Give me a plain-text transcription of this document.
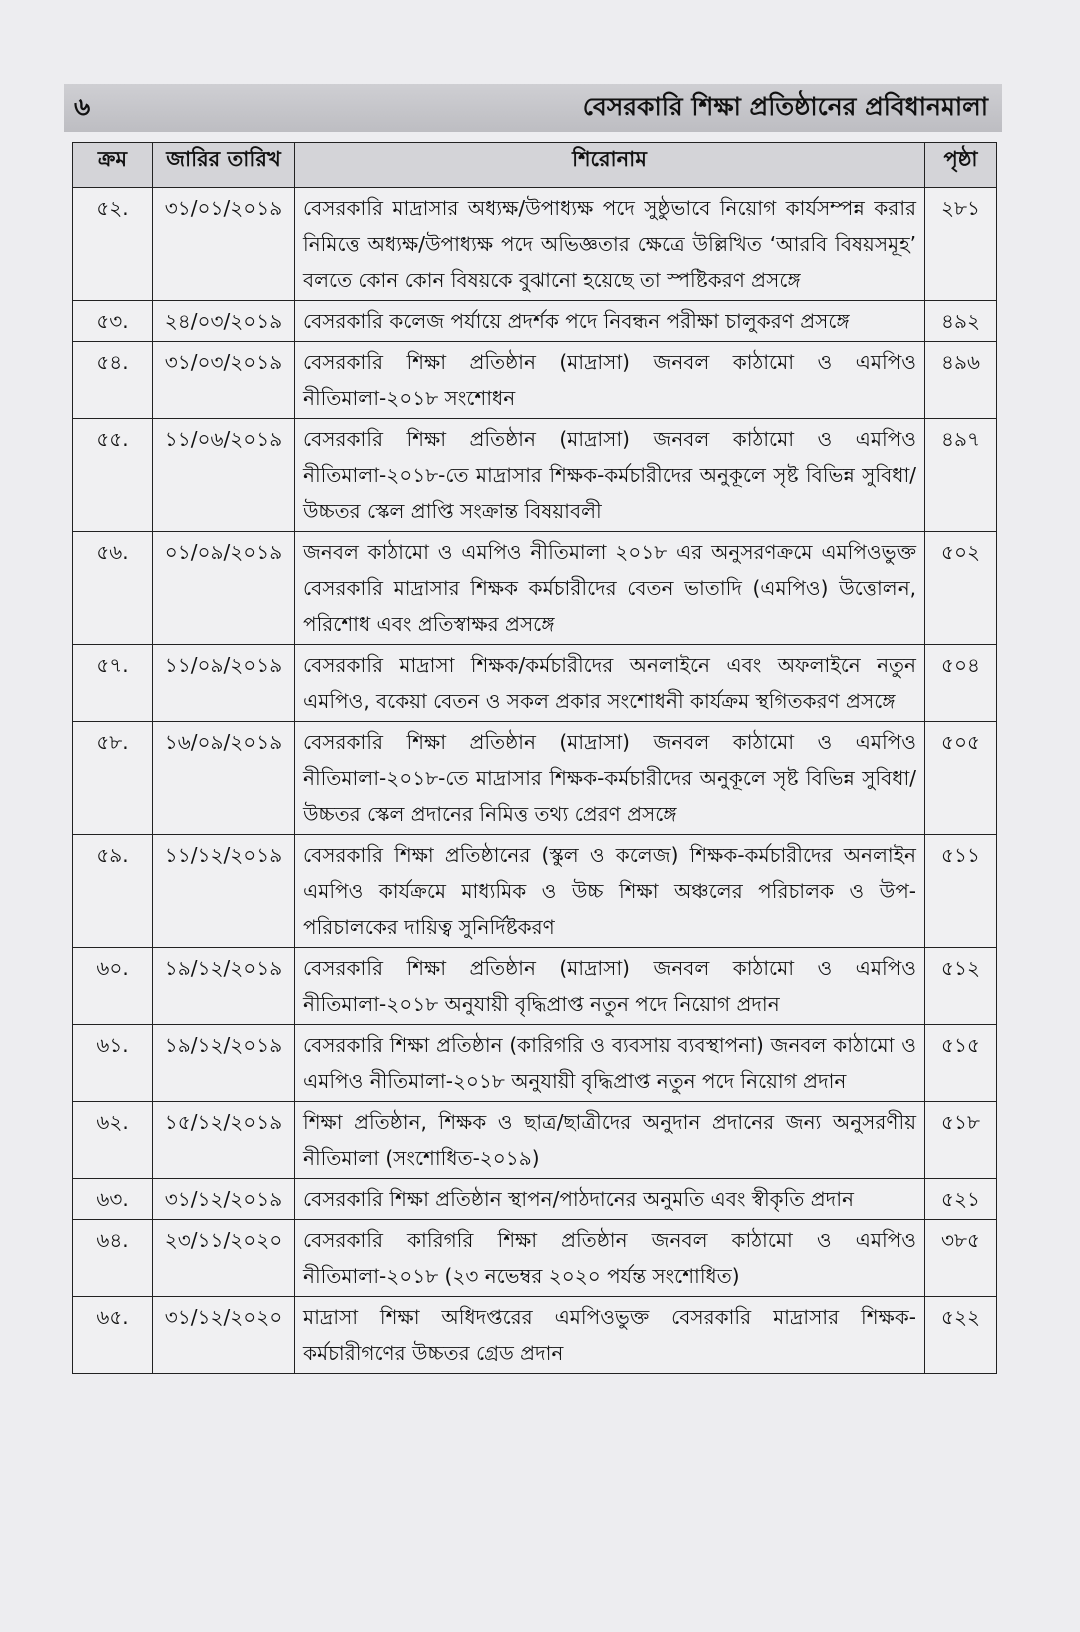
৬	বেসরকারি শিক্ষা প্রতিষ্ঠানের প্রবিধানমালা
ক্রম	জারির তারিখ	শিরোনাম	পৃষ্ঠা
৫২.	৩১/০১/২০১৯	বেসরকারি মাদ্রাসার অধ্যক্ষ/উপাধ্যক্ষ পদে সুষ্ঠুভাবে নিয়োগ কার্যসম্পন্ন করার নিমিত্তে অধ্যক্ষ/উপাধ্যক্ষ পদে অভিজ্ঞতার ক্ষেত্রে উল্লিখিত ‘আরবি বিষয়সমূহ’ বলতে কোন কোন বিষয়কে বুঝানো হয়েছে তা স্পষ্টিকরণ প্রসঙ্গে	২৮১
৫৩.	২৪/০৩/২০১৯	বেসরকারি কলেজ পর্যায়ে প্রদর্শক পদে নিবন্ধন পরীক্ষা চালুকরণ প্রসঙ্গে	৪৯২
৫৪.	৩১/০৩/২০১৯	বেসরকারি শিক্ষা প্রতিষ্ঠান (মাদ্রাসা) জনবল কাঠামো ও এমপিও নীতিমালা-২০১৮ সংশোধন	৪৯৬
৫৫.	১১/০৬/২০১৯	বেসরকারি শিক্ষা প্রতিষ্ঠান (মাদ্রাসা) জনবল কাঠামো ও এমপিও নীতিমালা-২০১৮-তে মাদ্রাসার শিক্ষক-কর্মচারীদের অনুকূলে সৃষ্ট বিভিন্ন সুবিধা/উচ্চতর স্কেল প্রাপ্তি সংক্রান্ত বিষয়াবলী	৪৯৭
৫৬.	০১/০৯/২০১৯	জনবল কাঠামো ও এমপিও নীতিমালা ২০১৮ এর অনুসরণক্রমে এমপিওভুক্ত বেসরকারি মাদ্রাসার শিক্ষক কর্মচারীদের বেতন ভাতাদি (এমপিও) উত্তোলন, পরিশোধ এবং প্রতিস্বাক্ষর প্রসঙ্গে	৫০২
৫৭.	১১/০৯/২০১৯	বেসরকারি মাদ্রাসা শিক্ষক/কর্মচারীদের অনলাইনে এবং অফলাইনে নতুন এমপিও, বকেয়া বেতন ও সকল প্রকার সংশোধনী কার্যক্রম স্থগিতকরণ প্রসঙ্গে	৫০৪
৫৮.	১৬/০৯/২০১৯	বেসরকারি শিক্ষা প্রতিষ্ঠান (মাদ্রাসা) জনবল কাঠামো ও এমপিও নীতিমালা-২০১৮-তে মাদ্রাসার শিক্ষক-কর্মচারীদের অনুকূলে সৃষ্ট বিভিন্ন সুবিধা/উচ্চতর স্কেল প্রদানের নিমিত্ত তথ্য প্রেরণ প্রসঙ্গে	৫০৫
৫৯.	১১/১২/২০১৯	বেসরকারি শিক্ষা প্রতিষ্ঠানের (স্কুল ও কলেজ) শিক্ষক-কর্মচারীদের অনলাইন এমপিও কার্যক্রমে মাধ্যমিক ও উচ্চ শিক্ষা অঞ্চলের পরিচালক ও উপ-পরিচালকের দায়িত্ব সুনির্দিষ্টকরণ	৫১১
৬০.	১৯/১২/২০১৯	বেসরকারি শিক্ষা প্রতিষ্ঠান (মাদ্রাসা) জনবল কাঠামো ও এমপিও নীতিমালা-২০১৮ অনুযায়ী বৃদ্ধিপ্রাপ্ত নতুন পদে নিয়োগ প্রদান	৫১২
৬১.	১৯/১২/২০১৯	বেসরকারি শিক্ষা প্রতিষ্ঠান (কারিগরি ও ব্যবসায় ব্যবস্থাপনা) জনবল কাঠামো ও এমপিও নীতিমালা-২০১৮ অনুযায়ী বৃদ্ধিপ্রাপ্ত নতুন পদে নিয়োগ প্রদান	৫১৫
৬২.	১৫/১২/২০১৯	শিক্ষা প্রতিষ্ঠান, শিক্ষক ও ছাত্র/ছাত্রীদের অনুদান প্রদানের জন্য অনুসরণীয় নীতিমালা (সংশোধিত-২০১৯)	৫১৮
৬৩.	৩১/১২/২০১৯	বেসরকারি শিক্ষা প্রতিষ্ঠান স্থাপন/পাঠদানের অনুমতি এবং স্বীকৃতি প্রদান	৫২১
৬৪.	২৩/১১/২০২০	বেসরকারি কারিগরি শিক্ষা প্রতিষ্ঠান জনবল কাঠামো ও এমপিও নীতিমালা-২০১৮ (২৩ নভেম্বর ২০২০ পর্যন্ত সংশোধিত)	৩৮৫
৬৫.	৩১/১২/২০২০	মাদ্রাসা শিক্ষা অধিদপ্তরের এমপিওভুক্ত বেসরকারি মাদ্রাসার শিক্ষক-কর্মচারীগণের উচ্চতর গ্রেড প্রদান	৫২২
